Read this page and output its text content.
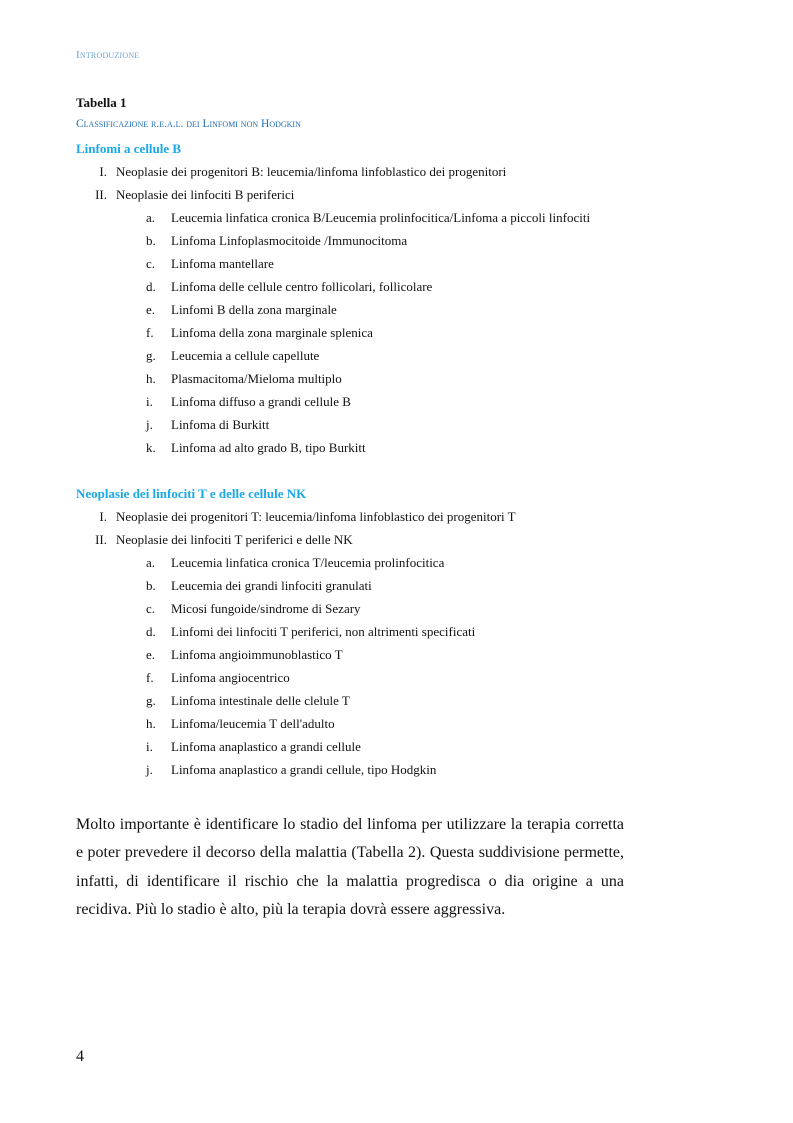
Introduzione
Tabella 1
Classificazione r.e.a.l. dei Linfomi non Hodgkin
Linfomi a cellule B
I. Neoplasie dei progenitori B: leucemia/linfoma linfoblastico dei progenitori
II. Neoplasie dei linfociti B periferici
a.	Leucemia linfatica cronica B/Leucemia prolinfocitica/Linfoma a piccoli linfociti
b.	Linfoma Linfoplasmocitoide /Immunocitoma
c.	Linfoma mantellare
d.	Linfoma delle cellule centro follicolari, follicolare
e.	Linfomi B della zona marginale
f.	Linfoma della zona marginale splenica
g.	Leucemia a cellule capellute
h.	Plasmacitoma/Mieloma multiplo
i.	Linfoma diffuso a grandi cellule B
j.	Linfoma di Burkitt
k.	Linfoma ad alto grado B, tipo Burkitt
Neoplasie dei linfociti T e delle cellule NK
I. Neoplasie dei progenitori T: leucemia/linfoma linfoblastico dei progenitori T
II. Neoplasie dei linfociti T periferici e delle NK
a.	Leucemia linfatica cronica T/leucemia prolinfocitica
b.	Leucemia dei grandi linfociti granulati
c.	Micosi fungoide/sindrome di Sezary
d.	Linfomi dei linfociti T periferici, non altrimenti specificati
e.	Linfoma angioimmunoblastico T
f.	Linfoma angiocentrico
g.	Linfoma intestinale delle clelule T
h.	Linfoma/leucemia T dell'adulto
i.	Linfoma anaplastico a grandi cellule
j.	Linfoma anaplastico a grandi cellule, tipo Hodgkin
Molto importante è identificare lo stadio del linfoma per utilizzare la terapia corretta
e poter prevedere il decorso della malattia (Tabella 2). Questa suddivisione permette,
infatti, di identificare il rischio che la malattia progredisca o dia origine a una
recidiva. Più lo stadio è alto, più la terapia dovrà essere aggressiva.
4
